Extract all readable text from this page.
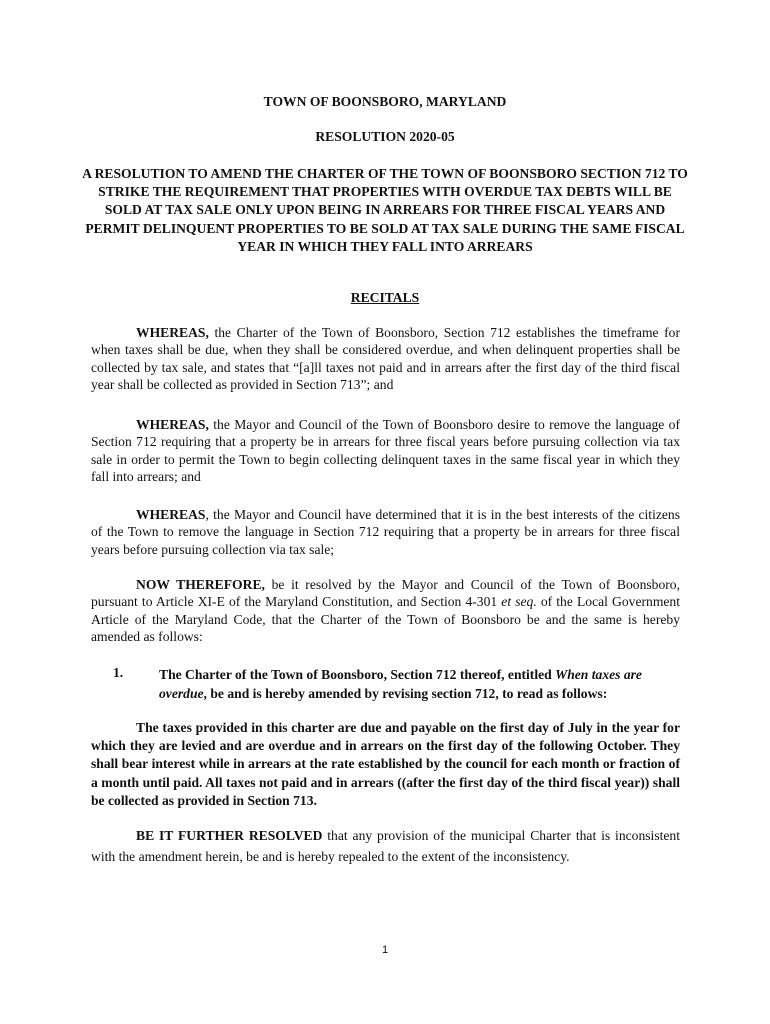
TOWN OF BOONSBORO, MARYLAND
RESOLUTION 2020-05
A RESOLUTION TO AMEND THE CHARTER OF THE TOWN OF BOONSBORO SECTION 712 TO STRIKE THE REQUIREMENT THAT PROPERTIES WITH OVERDUE TAX DEBTS WILL BE SOLD AT TAX SALE ONLY UPON BEING IN ARREARS FOR THREE FISCAL YEARS AND PERMIT DELINQUENT PROPERTIES TO BE SOLD AT TAX SALE DURING THE SAME FISCAL YEAR IN WHICH THEY FALL INTO ARREARS
RECITALS

WHEREAS, the Charter of the Town of Boonsboro, Section 712 establishes the timeframe for when taxes shall be due, when they shall be considered overdue, and when delinquent properties shall be collected by tax sale, and states that “[a]ll taxes not paid and in arrears after the first day of the third fiscal year shall be collected as provided in Section 713”; and

WHEREAS, the Mayor and Council of the Town of Boonsboro desire to remove the language of Section 712 requiring that a property be in arrears for three fiscal years before pursuing collection via tax sale in order to permit the Town to begin collecting delinquent taxes in the same fiscal year in which they fall into arrears; and

WHEREAS, the Mayor and Council have determined that it is in the best interests of the citizens of the Town to remove the language in Section 712 requiring that a property be in arrears for three fiscal years before pursuing collection via tax sale;

NOW THEREFORE, be it resolved by the Mayor and Council of the Town of Boonsboro, pursuant to Article XI-E of the Maryland Constitution, and Section 4-301 et seq. of the Local Government Article of the Maryland Code, that the Charter of the Town of Boonsboro be and the same is hereby amended as follows:

1.	The Charter of the Town of Boonsboro, Section 712 thereof, entitled When taxes are overdue, be and is hereby amended by revising section 712, to read as follows:

The taxes provided in this charter are due and payable on the first day of July in the year for which they are levied and are overdue and in arrears on the first day of the following October. They shall bear interest while in arrears at the rate established by the council for each month or fraction of a month until paid. All taxes not paid and in arrears ((after the first day of the third fiscal year)) shall be collected as provided in Section 713.

BE IT FURTHER RESOLVED that any provision of the municipal Charter that is inconsistent with the amendment herein, be and is hereby repealed to the extent of the inconsistency.

1
